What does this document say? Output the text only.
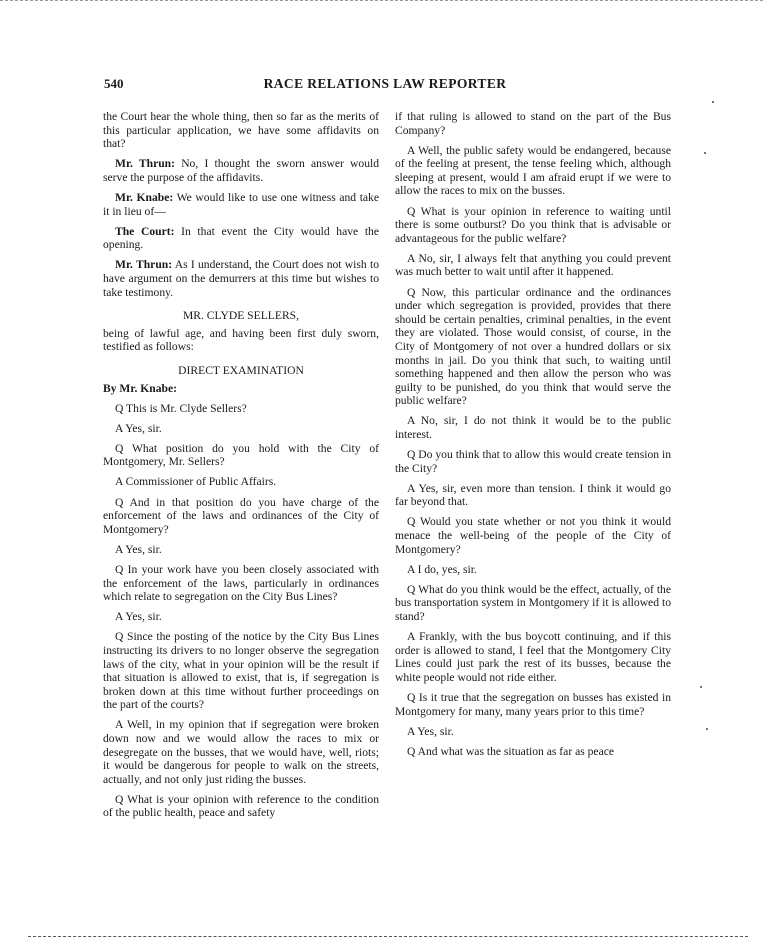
540	RACE RELATIONS LAW REPORTER

the Court hear the whole thing, then so far as the merits of this particular application, we have some affidavits on that?

Mr. Thrun: No, I thought the sworn answer would serve the purpose of the affidavits.

Mr. Knabe: We would like to use one witness and take it in lieu of—

The Court: In that event the City would have the opening.

Mr. Thrun: As I understand, the Court does not wish to have argument on the demurrers at this time but wishes to take testimony.

MR. CLYDE SELLERS,

being of lawful age, and having been first duly sworn, testified as follows:

DIRECT EXAMINATION

By Mr. Knabe:

Q This is Mr. Clyde Sellers?

A Yes, sir.

Q What position do you hold with the City of Montgomery, Mr. Sellers?

A Commissioner of Public Affairs.

Q And in that position do you have charge of the enforcement of the laws and ordinances of the City of Montgomery?

A Yes, sir.

Q In your work have you been closely associated with the enforcement of the laws, particularly in ordinances which relate to segregation on the City Bus Lines?

A Yes, sir.

Q Since the posting of the notice by the City Bus Lines instructing its drivers to no longer observe the segregation laws of the city, what in your opinion will be the result if that situation is allowed to exist, that is, if segregation is broken down at this time without further proceedings on the part of the courts?

A Well, in my opinion that if segregation were broken down now and we would allow the races to mix or desegregate on the busses, that we would have, well, riots; it would be dangerous for people to walk on the streets, actually, and not only just riding the busses.

Q What is your opinion with reference to the condition of the public health, peace and safety

if that ruling is allowed to stand on the part of the Bus Company?

A Well, the public safety would be endangered, because of the feeling at present, the tense feeling which, although sleeping at present, would I am afraid erupt if we were to allow the races to mix on the busses.

Q What is your opinion in reference to waiting until there is some outburst? Do you think that is advisable or advantageous for the public welfare?

A No, sir, I always felt that anything you could prevent was much better to wait until after it happened.

Q Now, this particular ordinance and the ordinances under which segregation is provided, provides that there should be certain penalties, criminal penalties, in the event they are violated. Those would consist, of course, in the City of Montgomery of not over a hundred dollars or six months in jail. Do you think that such, to waiting until something happened and then allow the person who was guilty to be punished, do you think that would serve the public welfare?

A No, sir, I do not think it would be to the public interest.

Q Do you think that to allow this would create tension in the City?

A Yes, sir, even more than tension. I think it would go far beyond that.

Q Would you state whether or not you think it would menace the well-being of the people of the City of Montgomery?

A I do, yes, sir.

Q What do you think would be the effect, actually, of the bus transportation system in Montgomery if it is allowed to stand?

A Frankly, with the bus boycott continuing, and if this order is allowed to stand, I feel that the Montgomery City Lines could just park the rest of its busses, because the white people would not ride either.

Q Is it true that the segregation on busses has existed in Montgomery for many, many years prior to this time?

A Yes, sir.

Q And what was the situation as far as peace
